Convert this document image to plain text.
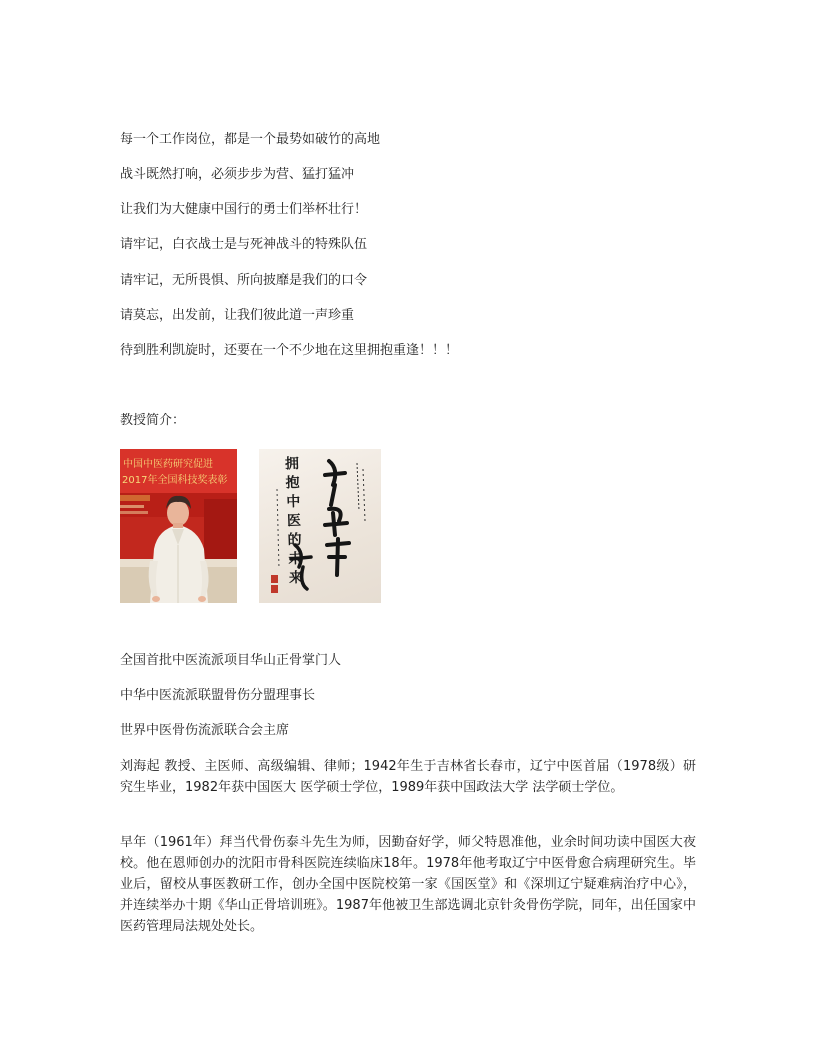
每一个工作岗位，都是一个最势如破竹的高地
战斗既然打响，必须步步为营、猛打猛冲
让我们为大健康中国行的勇士们举杯壮行！
请牢记，白衣战士是与死神战斗的特殊队伍
请牢记，无所畏惧、所向披靡是我们的口令
请莫忘，出发前，让我们彼此道一声珍重
待到胜利凯旋时，还要在一个不少地在这里拥抱重逢！！！
教授简介：
中国中医药研究促进
2017年全国科技奖表彰
拥抱中医的未来
全国首批中医流派项目华山正骨掌门人
中华中医流派联盟骨伤分盟理事长
世界中医骨伤流派联合会主席
刘海起 教授、主医师、高级编辑、律师；1942年生于吉林省长春市，辽宁中医首届（1978级）研究生毕业，1982年获中国医大 医学硕士学位，1989年获中国政法大学 法学硕士学位。
早年（1961年）拜当代骨伤泰斗先生为师，因勤奋好学，师父特恩准他，业余时间功读中国医大夜校。他在恩师创办的沈阳市骨科医院连续临床18年。1978年他考取辽宁中医骨愈合病理研究生。毕业后，留校从事医教研工作，创办全国中医院校第一家《国医堂》和《深圳辽宁疑难病治疗中心》，并连续举办十期《华山正骨培训班》。1987年他被卫生部选调北京针灸骨伤学院，同年，出任国家中医药管理局法规处处长。
